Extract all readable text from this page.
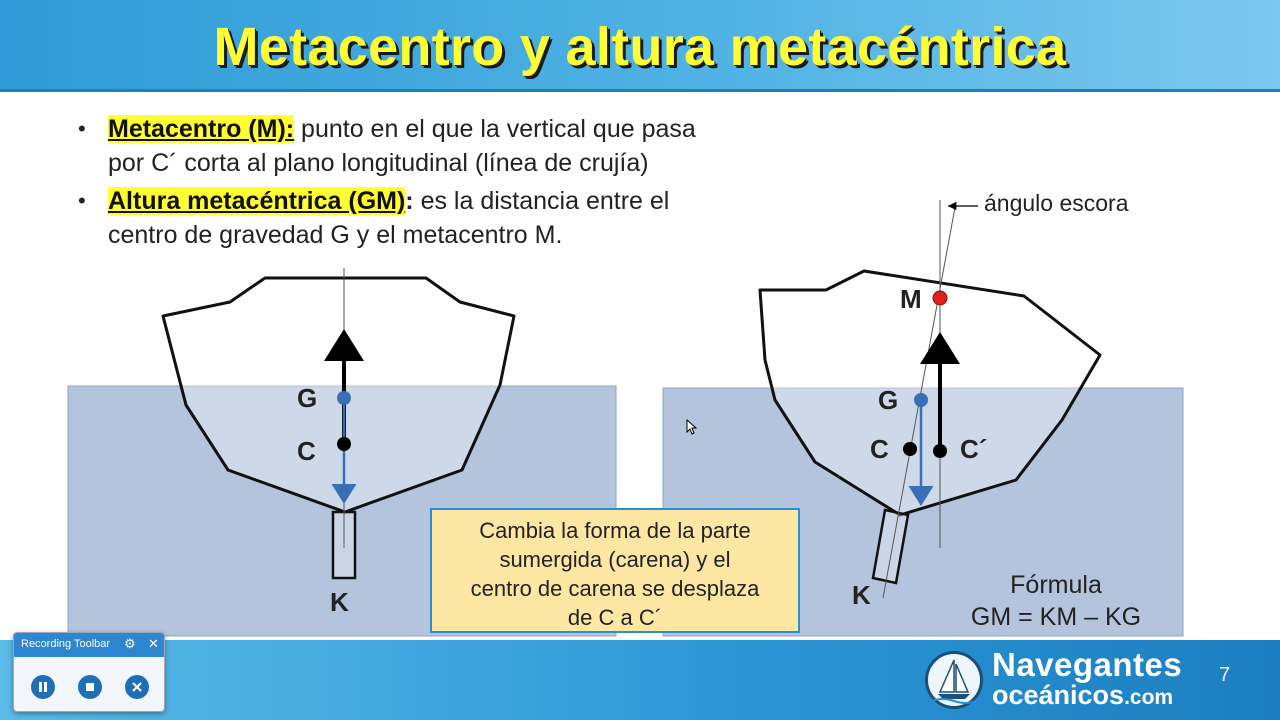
Metacentro y altura metacéntrica
• Metacentro (M): punto en el que la vertical que pasa
por C´ corta al plano longitudinal (línea de crujía)
• Altura metacéntrica (GM): es la distancia entre el
centro de gravedad G y el metacentro M.
G
C
K
ángulo escora
M
G
C	C´
K	Fórmula
GM = KM – KG
Cambia la forma de la parte
sumergida (carena) y el
centro de carena se desplaza
de C a C´
Navegantes
oceánicos.com
7
Recording Toolbar ⚙ ✕
